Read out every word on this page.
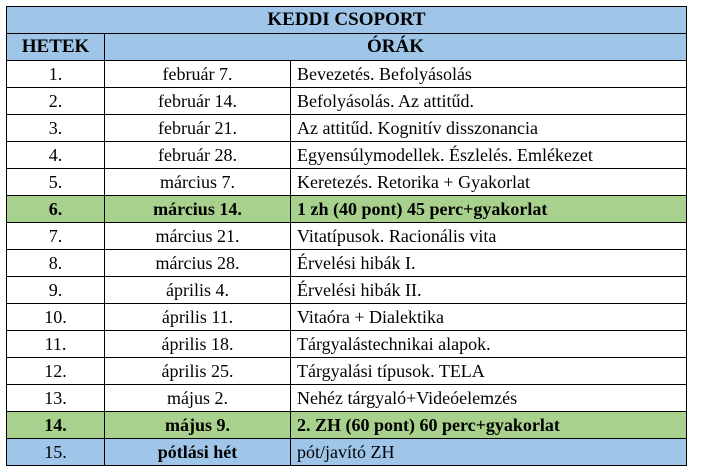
KEDDI CSOPORT		
HETEK	ÓRÁK	
1.	február 7.	Bevezetés. Befolyásolás
2.	február 14.	Befolyásolás. Az attitűd.
3.	február 21.	Az attitűd. Kognitív disszonancia
4.	február 28.	Egyensúlymodellek. Észlelés. Emlékezet
5.	március 7.	Keretezés. Retorika + Gyakorlat
6.	március 14.	1 zh (40 pont) 45 perc+gyakorlat
7.	március 21.	Vitatípusok. Racionális vita
8.	március 28.	Érvelési hibák I.
9.	április 4.	Érvelési hibák II.
10.	április 11.	Vitaóra + Dialektika
11.	április 18.	Tárgyalástechnikai alapok.
12.	április 25.	Tárgyalási típusok. TELA
13.	május 2.	Nehéz tárgyaló+Videóelemzés
14.	május 9.	2. ZH (60 pont) 60 perc+gyakorlat
15.	pótlási hét	pót/javító ZH
